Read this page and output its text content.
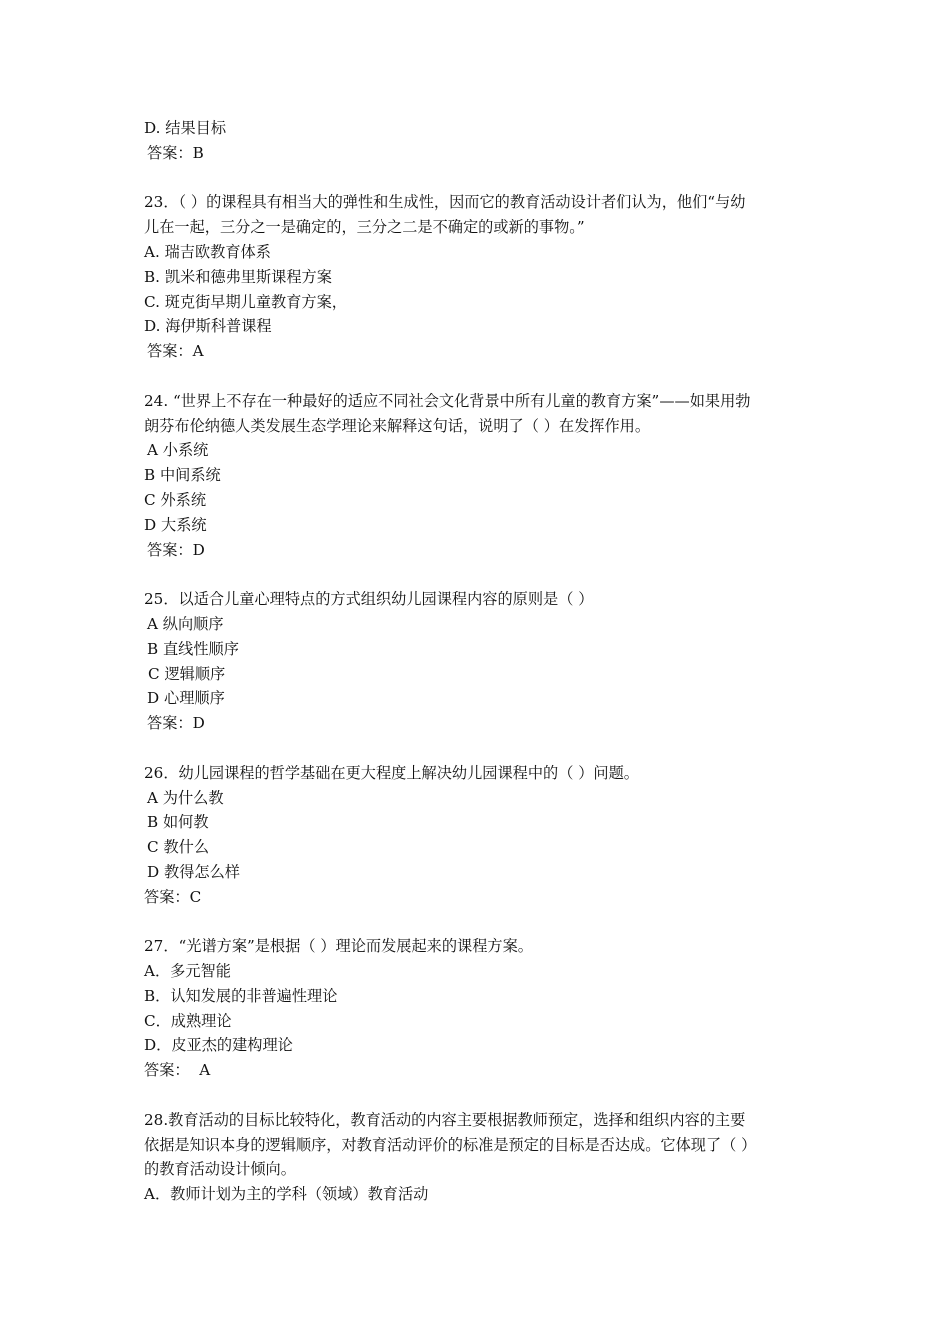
D. 结果目标
答案：B
23．（ ）的课程具有相当大的弹性和生成性，因而它的教育活动设计者们认为，他们“与幼
儿在一起，三分之一是确定的，三分之二是不确定的或新的事物。”
A. 瑞吉欧教育体系
B. 凯米和德弗里斯课程方案
C. 斑克街早期儿童教育方案，
D. 海伊斯科普课程
答案：A
24. “世界上不存在一种最好的适应不同社会文化背景中所有儿童的教育方案”——如果用勃
朗芬布伦纳德人类发展生态学理论来解释这句话，说明了（ ）在发挥作用。
A 小系统
B 中间系统
C 外系统
D 大系统
答案：D
25．以适合儿童心理特点的方式组织幼儿园课程内容的原则是（ ）
A 纵向顺序
B 直线性顺序
C 逻辑顺序
D 心理顺序
答案：D
26．幼儿园课程的哲学基础在更大程度上解决幼儿园课程中的（ ）问题。
A 为什么教
B 如何教
C 教什么
D 教得怎么样
答案：C
27．“光谱方案”是根据（ ）理论而发展起来的课程方案。
A．多元智能
B．认知发展的非普遍性理论
C．成熟理论
D．皮亚杰的建构理论
答案：  A
28.教育活动的目标比较特化，教育活动的内容主要根据教师预定，选择和组织内容的主要
依据是知识本身的逻辑顺序，对教育活动评价的标准是预定的目标是否达成。它体现了（ ）
的教育活动设计倾向。
A．教师计划为主的学科（领域）教育活动
